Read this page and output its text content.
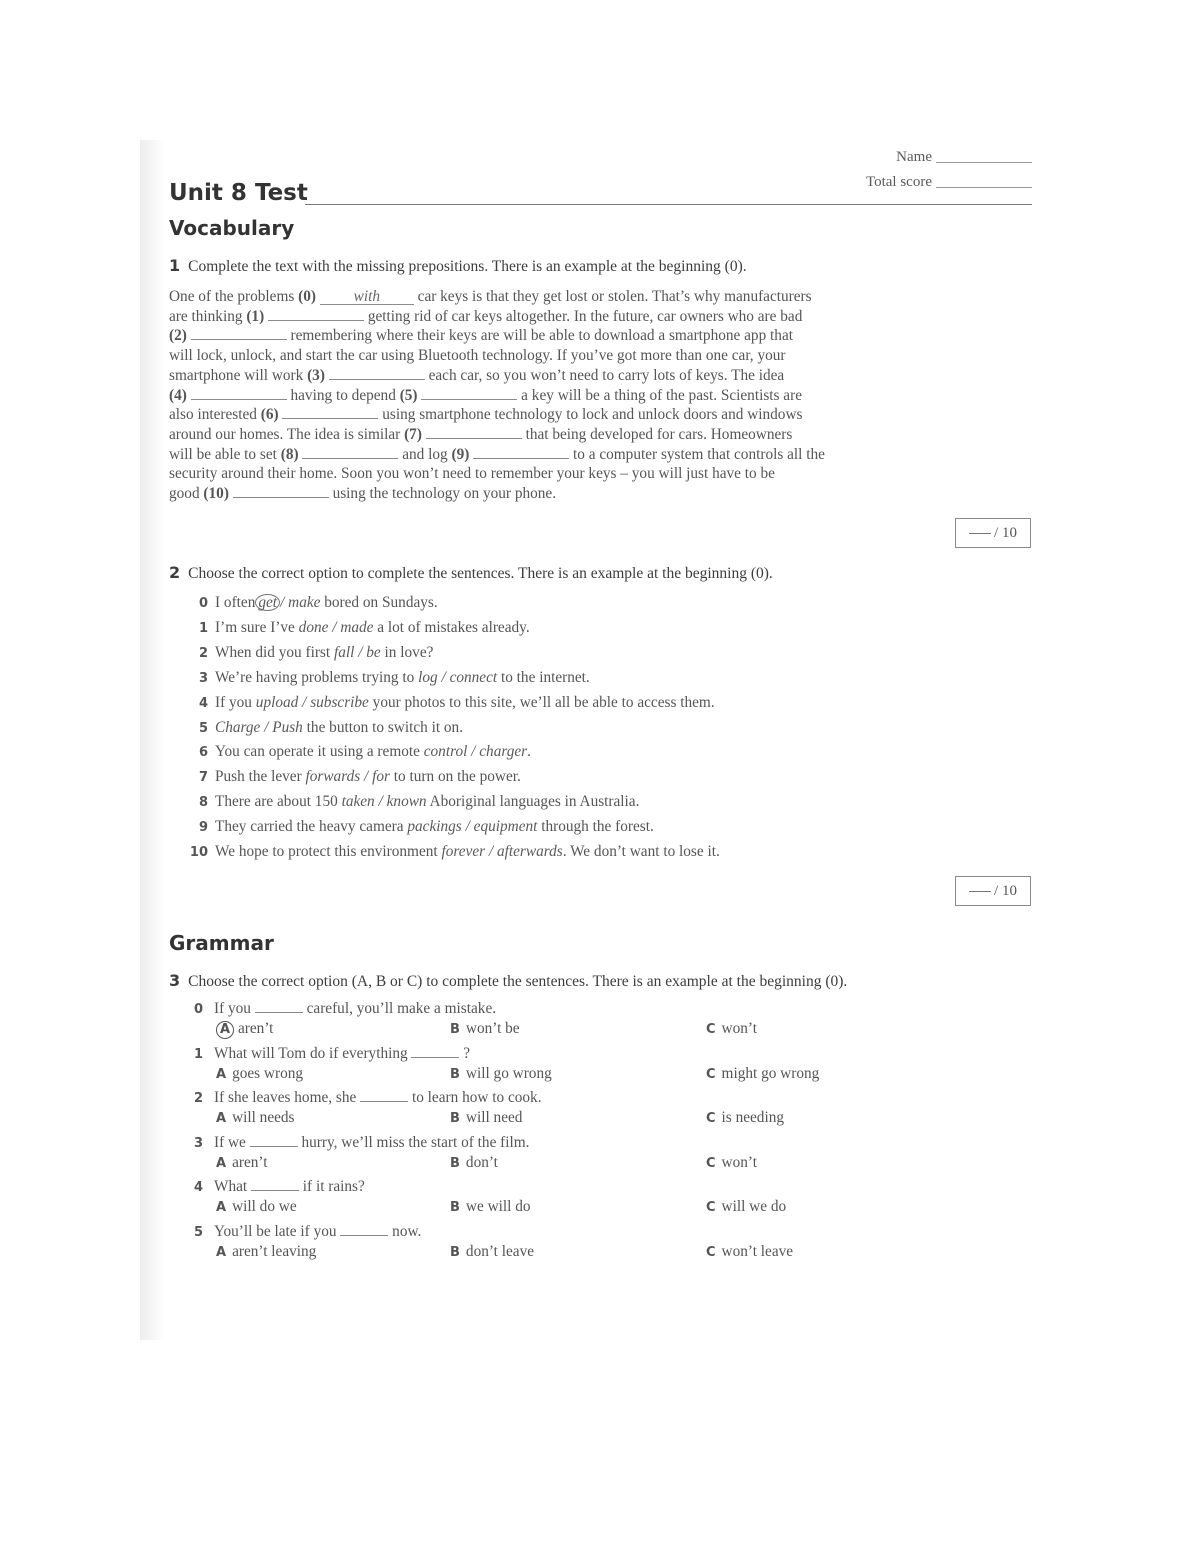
Name
Total score
Unit 8 Test
Vocabulary
1 Complete the text with the missing prepositions. There is an example at the beginning (0).
One of the problems (0) with car keys is that they get lost or stolen. That’s why manufacturers
are thinking (1)	getting rid of car keys altogether. In the future, car owners who are bad
(2)	remembering where their keys are will be able to download a smartphone app that
will lock, unlock, and start the car using Bluetooth technology. If you’ve got more than one car, your
smartphone will work (3)	each car, so you won’t need to carry lots of keys. The idea
(4)	having to depend (5)	a key will be a thing of the past. Scientists are
also interested (6)	using smartphone technology to lock and unlock doors and windows
around our homes. The idea is similar (7)	that being developed for cars. Homeowners
will be able to set (8)	and log (9)	to a computer system that controls all the
security around their home. Soon you won’t need to remember your keys – you will just have to be
good (10)	using the technology on your phone.
/ 10
2 Choose the correct option to complete the sentences. There is an example at the beginning (0).
0 I often get / make bored on Sundays.
1 I’m sure I’ve done / made a lot of mistakes already.
2 When did you first fall / be in love?
3 We’re having problems trying to log / connect to the internet.
4 If you upload / subscribe your photos to this site, we’ll all be able to access them.
5 Charge / Push the button to switch it on.
6 You can operate it using a remote control / charger.
7 Push the lever forwards / for to turn on the power.
8 There are about 150 taken / known Aboriginal languages in Australia.
9 They carried the heavy camera packings / equipment through the forest.
10 We hope to protect this environment forever / afterwards. We don’t want to lose it.
/ 10
Grammar
3 Choose the correct option (A, B or C) to complete the sentences. There is an example at the beginning (0).
0 If you	careful, you’ll make a mistake.
A aren’t	B won’t be	C won’t
1 What will Tom do if everything	?
A goes wrong	B will go wrong	C might go wrong
2 If she leaves home, she	to learn how to cook.
A will needs	B will need	C is needing
3 If we	hurry, we’ll miss the start of the film.
A aren’t	B don’t	C won’t
4 What	if it rains?
A will do we	B we will do	C will we do
5 You’ll be late if you	now.
A aren’t leaving	B don’t leave	C won’t leave
